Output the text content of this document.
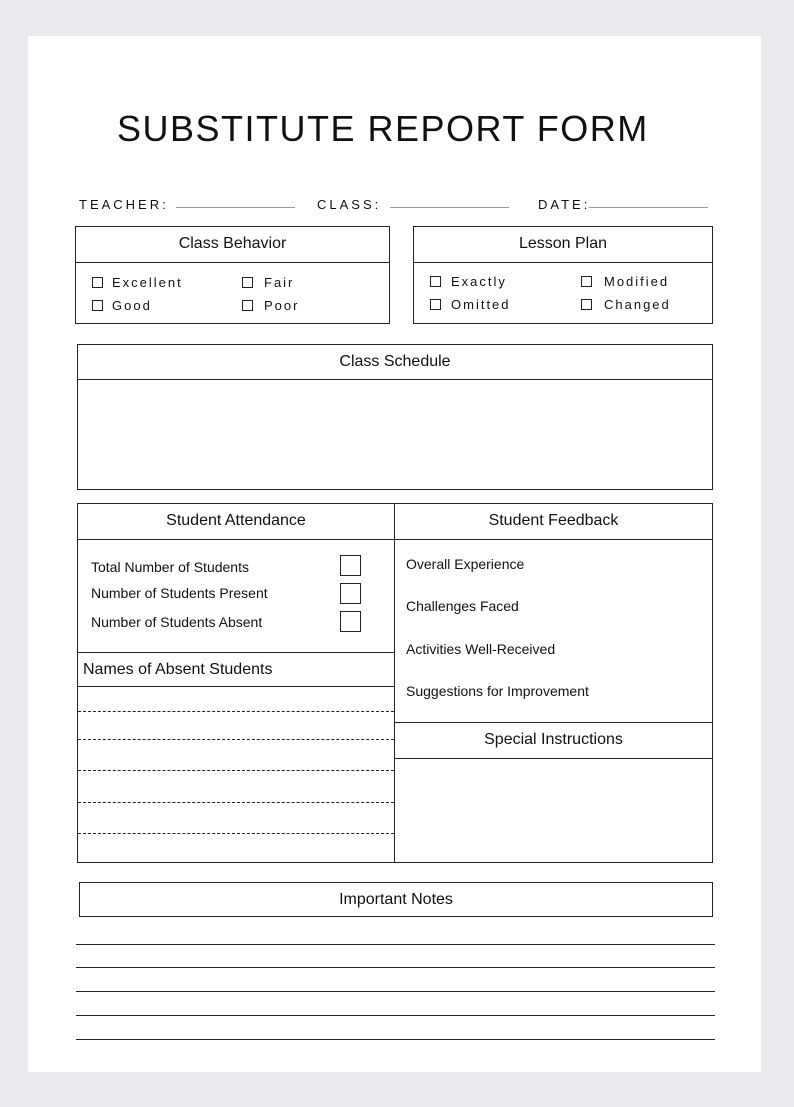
SUBSTITUTE REPORT FORM
TEACHER:	CLASS:	DATE:
Class Behavior
Excellent	Fair
Good	Poor
Lesson Plan
Exactly	Modified
Omitted	Changed
Class Schedule
Student Attendance
Total Number of Students
Number of Students Present
Number of Students Absent
Names of Absent Students
Student Feedback
Overall Experience
Challenges Faced
Activities Well-Received
Suggestions for Improvement
Special Instructions
Important Notes
